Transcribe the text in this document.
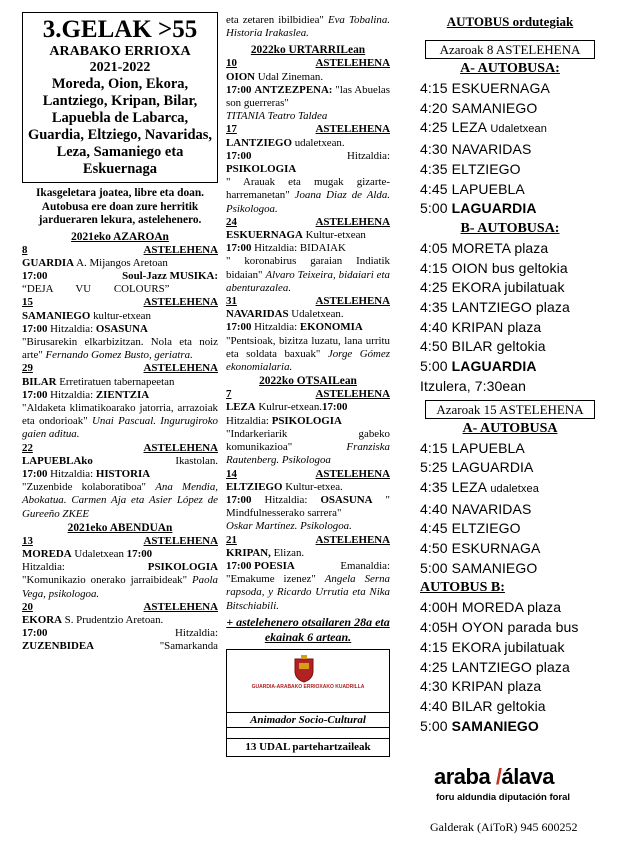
3.GELAK >55
ARABAKO ERRIOXA
2021-2022
Moreda, Oion, Ekora, Lantziego, Kripan, Bilar, Lapuebla de Labarca, Guardia, Eltziego, Navaridas, Leza, Samaniego eta Eskuernaga
Ikasgeletara joatea, libre eta doan. Autobusa ere doan zure herritik jardueraren lekura, astelehenero.
2021eko AZAROAn
8	ASTELEHENA
GUARDIA A. Mijangos Aretoan
17:00	Soul-Jazz MUSIKA:
“DEJA VU COLOURS”
15	ASTELEHENA
SAMANIEGO kultur-etxean
17:00 Hitzaldia: OSASUNA
"Birusarekin elkarbizitzan. Nola eta noiz arte" Fernando Gomez Busto, geriatra.
29	ASTELEHENA
BILAR Erretiratuen tabernapeetan
17:00 Hitzaldia: ZIENTZIA
"Aldaketa klimatikoarako jatorria, arrazoiak eta ondorioak" Unai Pascual. Ingurugiroko gaien aditua.
22	ASTELEHENA
LAPUEBLAko	Ikastolan.
17:00 Hitzaldia: HISTORIA
"Zuzenbide kolaboratiboa" Ana Mendia, Abokatua. Carmen Aja eta Asier López de Gureeño ZKEE
2021eko ABENDUAn
13	ASTELEHENA
MOREDA Udaletxean 17:00
Hitzaldia:	PSIKOLOGIA
"Komunikazio onerako jarraibideak" Paola Vega, psikologoa.
20	ASTELEHENA
EKORA S. Prudentzio Aretoan.
17:00	Hitzaldia:
ZUZENBIDEA	"Samarkanda
eta zetaren ibilbidiea" Eva Tobalina. Historia Irakaslea.
2022ko URTARRILean
10	ASTELEHENA
OION Udal Zineman.
17:00 ANTZEZPENA: "las Abuelas son guerreras"
TITANIA Teatro Taldea
17	ASTELEHENA
LANTZIEGO udaletxean.
17:00	Hitzaldia:
PSIKOLOGIA
" Arauak eta mugak gizarte-harremanetan" Joana Diaz de Alda. Psikologoa.
24	ASTELEHENA
ESKUERNAGA Kultur-etxean
17:00 Hitzaldia: BIDAIAK
" koronabirus garaian Indiatik bidaian" Alvaro Teixeira, bidaiari eta abenturazalea.
31	ASTELEHENA
NAVARIDAS Udaletxean.
17:00 Hitzaldia: EKONOMIA
"Pentsioak, bizitza luzatu, lana urritu eta soldata baxuak" Jorge Gómez ekonomialaria.
2022ko OTSAILean
7	ASTELEHENA
LEZA Kulrur-etxean.17:00
Hitzaldia: PSIKOLOGIA
"Indarkeriarik gabeko komunikazioa"	Franziska Rautenberg. Psikologoa
14	ASTELEHENA
ELTZIEGO Kultur-etxea.
17:00 Hitzaldia: OSASUNA " Mindfulnesserako sarrera"
Oskar Martínez. Psikologoa.
21	ASTELEHENA
KRIPAN, Elizan.
17:00 POESIA	Emanaldia:
"Emakume izenez" Angela Serna rapsoda, y Ricardo Urrutia eta Nika Bitschiabili.
+ astelehenero otsailaren 28a eta ekainak 6 artean.
GUARDIA-ARABAKO ERRIOXAKO KUADRILLA
Animador Socio-Cultural
13 UDAL partehartzaileak
AUTOBUS ordutegiak
Azaroak 8 ASTELEHENA
A- AUTOBUSA:
4:15 ESKUERNAGA
4:20 SAMANIEGO
4:25 LEZA Udaletxean
4:30 NAVARIDAS
4:35 ELTZIEGO
4:45 LAPUEBLA
5:00 LAGUARDIA
B- AUTOBUSA:
4:05 MORETA plaza
4:15 OION bus geltokia
4:25 EKORA jubilatuak
4:35 LANTZIEGO plaza
4:40 KRIPAN plaza
4:50 BILAR geltokia
5:00 LAGUARDIA
Itzulera, 7:30ean
Azaroak 15 ASTELEHENA
A- AUTOBUSA
4:15 LAPUEBLA
5:25 LAGUARDIA
4:35 LEZA udaletxea
4:40 NAVARIDAS
4:45 ELTZIEGO
4:50 ESKURNAGA
5:00 SAMANIEGO
AUTOBUS B:
4:00H MOREDA plaza
4:05H OYON parada bus
4:15 EKORA jubilatuak
4:25 LANTZIEGO plaza
4:30 KRIPAN plaza
4:40 BILAR geltokia
5:00 SAMANIEGO
araba /álava
foru aldundia diputación foral
Galderak (AiToR) 945 600252
